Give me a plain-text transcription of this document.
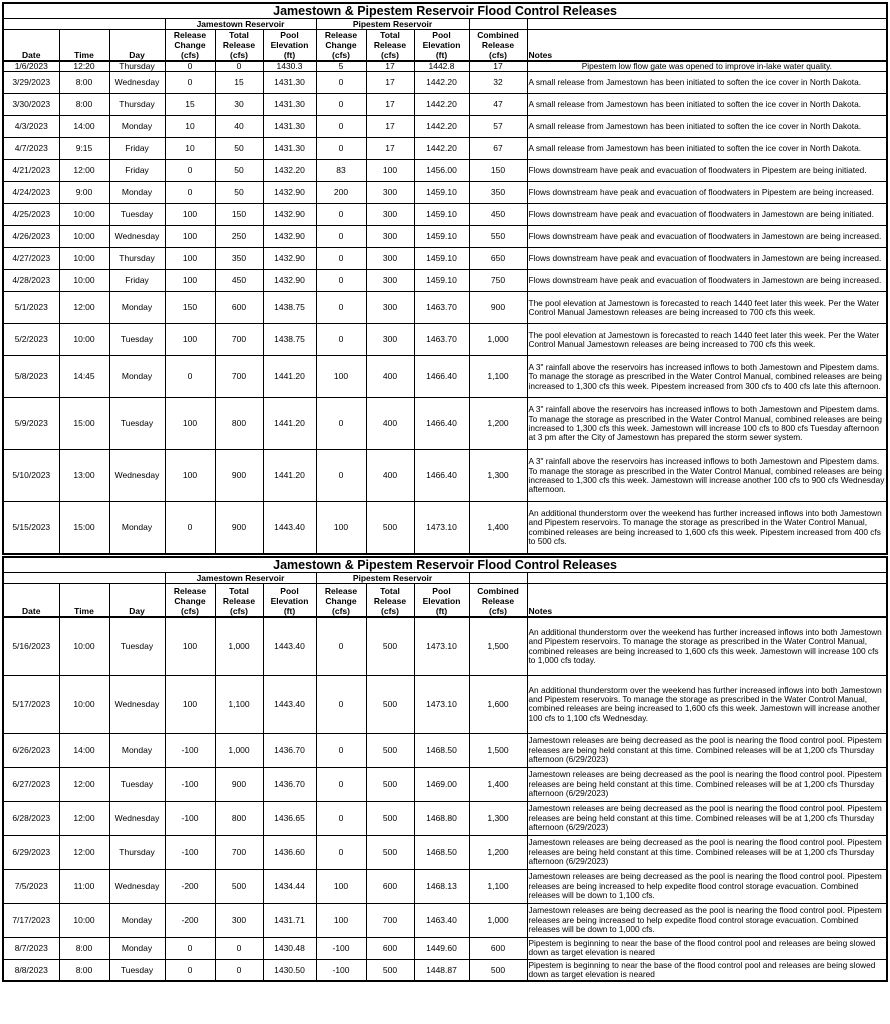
Jamestown & Pipestem Reservoir Flood Control Releases										
			Jamestown Reservoir			Pipestem Reservoir				
Date	Time	Day	Release
Change
(cfs)	Total
Release
(cfs)	Pool
Elevation
(ft)	Release
Change
(cfs)	Total
Release
(cfs)	Pool
Elevation
(ft)	Combined
Release
(cfs)	Notes
1/6/2023	12:20	Thursday	0	0	1430.3	5	17	1442.8	17	Pipestem low flow gate was opened to improve in-lake water quality.
3/29/2023	8:00	Wednesday	0	15	1431.30	0	17	1442.20	32	A small release from Jamestown has been initiated to soften the ice cover in North Dakota.
3/30/2023	8:00	Thursday	15	30	1431.30	0	17	1442.20	47	A small release from Jamestown has been initiated to soften the ice cover in North Dakota.
4/3/2023	14:00	Monday	10	40	1431.30	0	17	1442.20	57	A small release from Jamestown has been initiated to soften the ice cover in North Dakota.
4/7/2023	9:15	Friday	10	50	1431.30	0	17	1442.20	67	A small release from Jamestown has been initiated to soften the ice cover in North Dakota.
4/21/2023	12:00	Friday	0	50	1432.20	83	100	1456.00	150	Flows downstream have peak and evacuation of floodwaters in Pipestem are being initiated.
4/24/2023	9:00	Monday	0	50	1432.90	200	300	1459.10	350	Flows downstream have peak and evacuation of floodwaters in Pipestem are being increased.
4/25/2023	10:00	Tuesday	100	150	1432.90	0	300	1459.10	450	Flows downstream have peak and evacuation of floodwaters in Jamestown are being initiated.
4/26/2023	10:00	Wednesday	100	250	1432.90	0	300	1459.10	550	Flows downstream have peak and evacuation of floodwaters in Jamestown are being increased.
4/27/2023	10:00	Thursday	100	350	1432.90	0	300	1459.10	650	Flows downstream have peak and evacuation of floodwaters in Jamestown are being increased.
4/28/2023	10:00	Friday	100	450	1432.90	0	300	1459.10	750	Flows downstream have peak and evacuation of floodwaters in Jamestown are being increased.
5/1/2023	12:00	Monday	150	600	1438.75	0	300	1463.70	900	The pool elevation at Jamestown is forecasted to reach 1440 feet later this week. Per the Water Control Manual Jamestown releases are being increased to 700 cfs this week.
5/2/2023	10:00	Tuesday	100	700	1438.75	0	300	1463.70	1,000	The pool elevation at Jamestown is forecasted to reach 1440 feet later this week. Per the Water Control Manual Jamestown releases are being increased to 700 cfs this week.
5/8/2023	14:45	Monday	0	700	1441.20	100	400	1466.40	1,100	A 3" rainfall above the reservoirs has increased inflows to both Jamestown and Pipestem dams. To manage the storage as prescribed in the Water Control Manual, combined releases are being increased to 1,300 cfs this week. Pipestem increased from 300 cfs to 400 cfs late this afternoon.
5/9/2023	15:00	Tuesday	100	800	1441.20	0	400	1466.40	1,200	A 3" rainfall above the reservoirs has increased inflows to both Jamestown and Pipestem dams. To manage the storage as prescribed in the Water Control Manual, combined releases are being increased to 1,300 cfs this week. Jamestown will increase 100 cfs to 800 cfs Tuesday afternoon at 3 pm after the City of Jamestown has prepared the storm sewer system.
5/10/2023	13:00	Wednesday	100	900	1441.20	0	400	1466.40	1,300	A 3" rainfall above the reservoirs has increased inflows to both Jamestown and Pipestem dams. To manage the storage as prescribed in the Water Control Manual, combined releases are being increased to 1,300 cfs this week. Jamestown will increase another 100 cfs to 900 cfs Wednesday afternoon.
5/15/2023	15:00	Monday	0	900	1443.40	100	500	1473.10	1,400	An additional thunderstorm over the weekend has further increased inflows into both Jamestown and Pipestem reservoirs. To manage the storage as prescribed in the Water Control Manual, combined releases are being increased to 1,600 cfs this week. Pipestem increased from 400 cfs to 500 cfs.
Jamestown & Pipestem Reservoir Flood Control Releases										
			Jamestown Reservoir			Pipestem Reservoir				
Date	Time	Day	Release
Change
(cfs)	Total
Release
(cfs)	Pool
Elevation
(ft)	Release
Change
(cfs)	Total
Release
(cfs)	Pool
Elevation
(ft)	Combined
Release
(cfs)	Notes
5/16/2023	10:00	Tuesday	100	1,000	1443.40	0	500	1473.10	1,500	An additional thunderstorm over the weekend has further increased inflows into both Jamestown and Pipestem reservoirs. To manage the storage as prescribed in the Water Control Manual, combined releases are being increased to 1,600 cfs this week. Jamestown will increase 100 cfs to 1,000 cfs today.
5/17/2023	10:00	Wednesday	100	1,100	1443.40	0	500	1473.10	1,600	An additional thunderstorm over the weekend has further increased inflows into both Jamestown and Pipestem reservoirs. To manage the storage as prescribed in the Water Control Manual, combined releases are being increased to 1,600 cfs this week. Jamestown will increase another 100 cfs to 1,100 cfs Wednesday.
6/26/2023	14:00	Monday	-100	1,000	1436.70	0	500	1468.50	1,500	Jamestown releases are being decreased as the pool is nearing the flood control pool. Pipestem releases are being held constant at this time. Combined releases will be at 1,200 cfs Thursday afternoon (6/29/2023)
6/27/2023	12:00	Tuesday	-100	900	1436.70	0	500	1469.00	1,400	Jamestown releases are being decreased as the pool is nearing the flood control pool. Pipestem releases are being held constant at this time. Combined releases will be at 1,200 cfs Thursday afternoon (6/29/2023)
6/28/2023	12:00	Wednesday	-100	800	1436.65	0	500	1468.80	1,300	Jamestown releases are being decreased as the pool is nearing the flood control pool. Pipestem releases are being held constant at this time. Combined releases will be at 1,200 cfs Thursday afternoon (6/29/2023)
6/29/2023	12:00	Thursday	-100	700	1436.60	0	500	1468.50	1,200	Jamestown releases are being decreased as the pool is nearing the flood control pool. Pipestem releases are being held constant at this time. Combined releases will be at 1,200 cfs Thursday afternoon (6/29/2023)
7/5/2023	11:00	Wednesday	-200	500	1434.44	100	600	1468.13	1,100	Jamestown releases are being decreased as the pool is nearing the flood control pool. Pipestem releases are being increased to help expedite flood control storage evacuation. Combined releases will be down to 1,100 cfs.
7/17/2023	10:00	Monday	-200	300	1431.71	100	700	1463.40	1,000	Jamestown releases are being decreased as the pool is nearing the flood control pool. Pipestem releases are being increased to help expedite flood control storage evacuation. Combined releases will be down to 1,000 cfs.
8/7/2023	8:00	Monday	0	0	1430.48	-100	600	1449.60	600	Pipestem is beginning to near the base of the flood control pool and releases are being slowed down as target elevation is neared
8/8/2023	8:00	Tuesday	0	0	1430.50	-100	500	1448.87	500	Pipestem is beginning to near the base of the flood control pool and releases are being slowed down as target elevation is neared
